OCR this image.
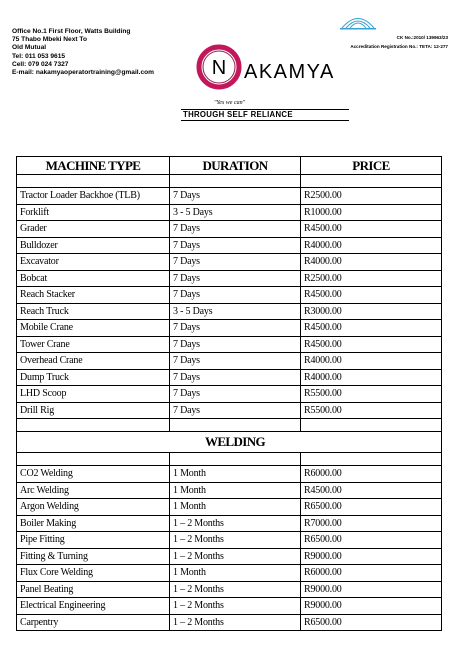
Office No.1 First Floor, Watts Building
75 Thabo Mbeki Next To
Old Mutual
Tel: 011 053 9615
Cell: 079 024 7327
E-mail: nakamyaoperatortraining@gmail.com
CK No.:2010/ 139963/23
Accreditation Registration No.: TETA: 12-277
N AKAMYA
"Yes we can"
THROUGH SELF RELIANCE
MACHINE TYPE	DURATION	PRICE

Tractor Loader Backhoe (TLB)	7 Days	R2500.00
Forklift	3 - 5 Days	R1000.00
Grader	7 Days	R4500.00
Bulldozer	7 Days	R4000.00
Excavator	7 Days	R4000.00
Bobcat	7 Days	R2500.00
Reach Stacker	7 Days	R4500.00
Reach Truck	3 - 5 Days	R3000.00
Mobile Crane	7 Days	R4500.00
Tower Crane	7 Days	R4500.00
Overhead Crane	7 Days	R4000.00
Dump Truck	7 Days	R4000.00
LHD Scoop	7 Days	R5500.00
Drill Rig	7 Days	R5500.00

	WELDING	

CO2 Welding	1 Month	R6000.00
Arc Welding	1 Month	R4500.00
Argon Welding	1 Month	R6500.00
Boiler Making	1 – 2 Months	R7000.00
Pipe Fitting	1 – 2 Months	R6500.00
Fitting & Turning	1 – 2 Months	R9000.00
Flux Core Welding	1 Month	R6000.00
Panel Beating	1 – 2 Months	R9000.00
Electrical Engineering	1 – 2 Months	R9000.00
Carpentry	1 – 2 Months	R6500.00
